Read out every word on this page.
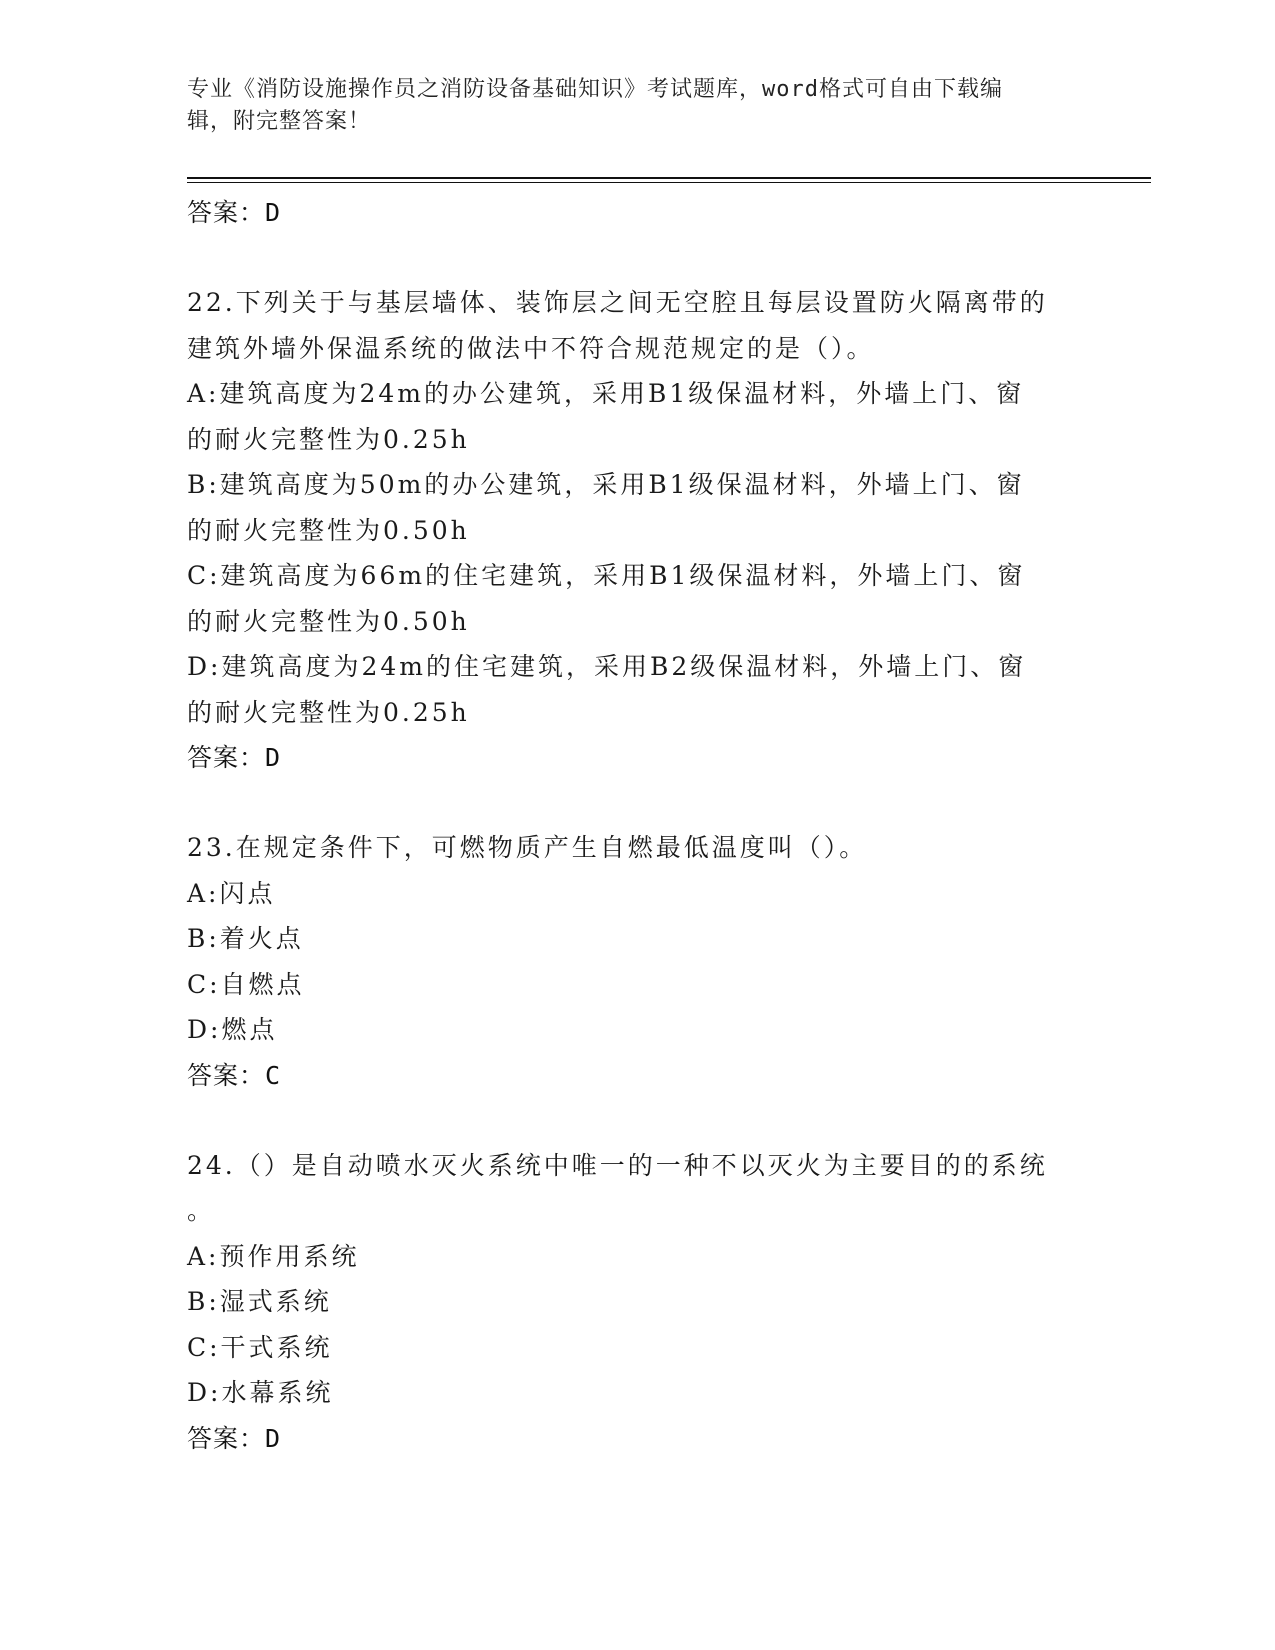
专业《消防设施操作员之消防设备基础知识》考试题库，word格式可自由下载编
辑，附完整答案！
答案：D
22.下列关于与基层墙体、装饰层之间无空腔且每层设置防火隔离带的
建筑外墙外保温系统的做法中不符合规范规定的是（）。
A:建筑高度为24m的办公建筑，采用B1级保温材料，外墙上门、窗
的耐火完整性为0.25h
B:建筑高度为50m的办公建筑，采用B1级保温材料，外墙上门、窗
的耐火完整性为0.50h
C:建筑高度为66m的住宅建筑，采用B1级保温材料，外墙上门、窗
的耐火完整性为0.50h
D:建筑高度为24m的住宅建筑，采用B2级保温材料，外墙上门、窗
的耐火完整性为0.25h
答案：D
23.在规定条件下，可燃物质产生自燃最低温度叫（）。
A:闪点
B:着火点
C:自燃点
D:燃点
答案：C
24.（）是自动喷水灭火系统中唯一的一种不以灭火为主要目的的系统
。
A:预作用系统
B:湿式系统
C:干式系统
D:水幕系统
答案：D
